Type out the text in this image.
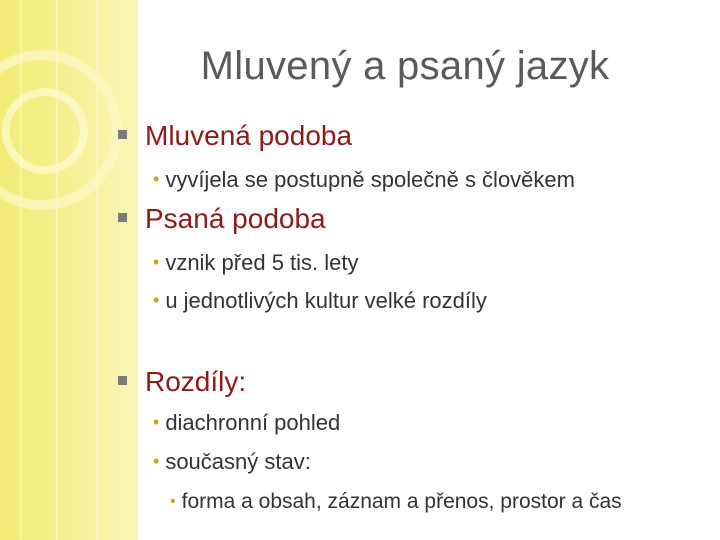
Mluvený a psaný jazyk
Mluvená podoba
• vyvíjela se postupně společně s člověkem
Psaná podoba
• vznik před 5 tis. lety
• u jednotlivých kultur velké rozdíly
Rozdíly:
• diachronní pohled
• současný stav:
• forma a obsah, záznam a přenos, prostor a čas
